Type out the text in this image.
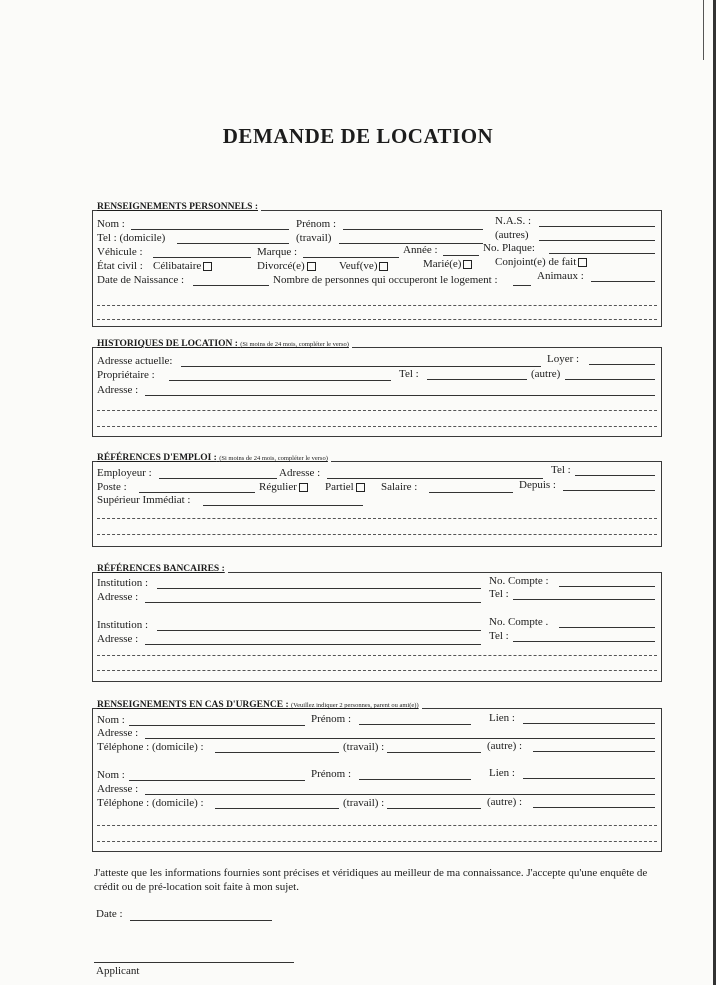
DEMANDE DE LOCATION
RENSEIGNEMENTS PERSONNELS :
Nom :	Prénom :	N.A.S. :
Tel : (domicile)	(travail)	(autres)
Véhicule :	Marque :	Année :	No. Plaque:
État civil : Célibataire	Divorcé(e)	Veuf(ve)	Marié(e)	Conjoint(e) de fait
Date de Naissance :	Nombre de personnes qui occuperont le logement :	Animaux :
HISTORIQUES DE LOCATION : (Si moins de 24 mois, compléter le verso)
Adresse actuelle:	Loyer :
Propriétaire :	Tel :	(autre)
Adresse :
RÉFÉRENCES D'EMPLOI : (Si moins de 24 mois, compléter le verso)
Employeur :	Adresse :	Tel :
Poste :	Régulier	Partiel	Salaire :	Depuis :
Supérieur Immédiat :
RÉFÉRENCES BANCAIRES :
Institution :	No. Compte :
Adresse :	Tel :
Institution :	No. Compte .
Adresse :	Tel :
RENSEIGNEMENTS EN CAS D'URGENCE : (Veuillez indiquer 2 personnes, parent ou ami(e))
Nom :	Prénom :	Lien :
Adresse :
Téléphone : (domicile) :	(travail) :	(autre) :
Nom :	Prénom :	Lien :
Adresse :
Téléphone : (domicile) :	(travail) :	(autre) :
J'atteste que les informations fournies sont précises et véridiques au meilleur de ma connaissance. J'accepte qu'une enquête de crédit ou de pré-location soit faite à mon sujet.
Date :
Applicant
